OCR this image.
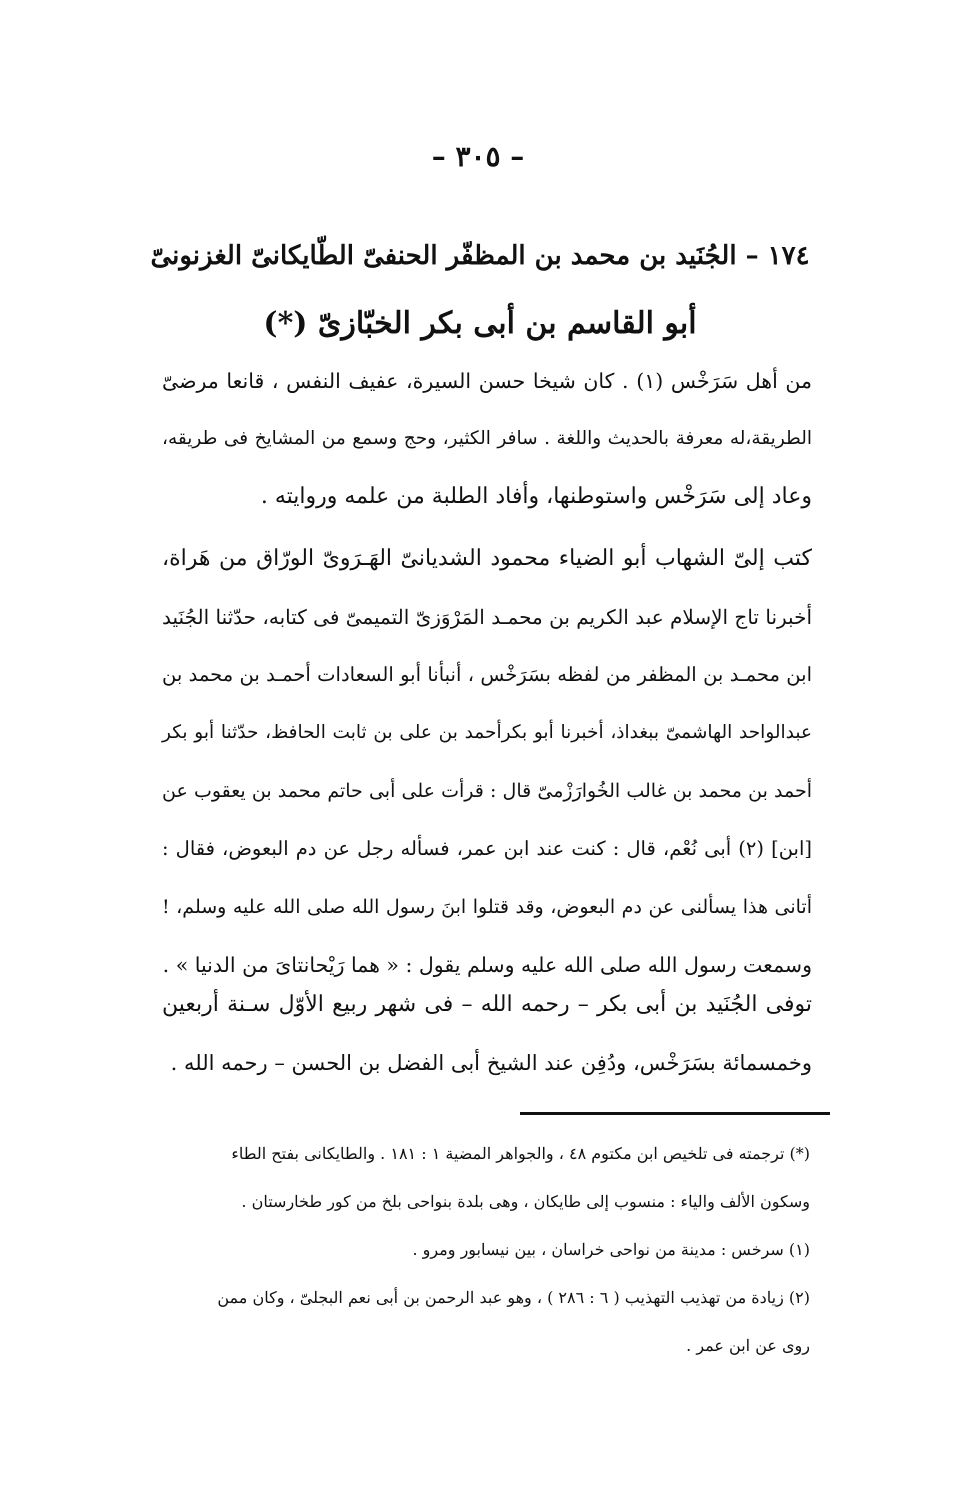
– ٣٠٥ –
١٧٤ – الجُنَيد بن محمد بن المظفّر الحنفىّ الطّايكانىّ الغزنونىّ
أبو القاسم بن أبى بكر الخبّازىّ (*)
من أهل سَرَخْس (١) . كان شيخا حسن السيرة، عفيف النفس ، قانعا مرضىّ
الطريقة،له معرفة بالحديث واللغة . سافر الكثير، وحج وسمع من المشايخ فى طريقه،
وعاد إلى سَرَخْس واستوطنها، وأفاد الطلبة من علمه وروايته .
كتب إلىّ الشهاب أبو الضياء محمود الشديانىّ الهَـرَوىّ الورّاق من هَراة،
أخبرنا تاج الإسلام عبد الكريم بن محمـد المَرْوَزىّ التميمىّ فى كتابه، حدّثنا الجُنَيد
ابن محمـد بن المظفر من لفظه بسَرَخْس ، أنبأنا أبو السعادات أحمـد بن محمد بن
عبدالواحد الهاشمىّ ببغداذ، أخبرنا أبو بكرأحمد بن على بن ثابت الحافظ، حدّثنا أبو بكر
أحمد بن محمد بن غالب الخُوارَزْمىّ قال : قرأت على أبى حاتم محمد بن يعقوب عن
[ابن] (٢) أبى نُعْم، قال : كنت عند ابن عمر، فسأله رجل عن دم البعوض، فقال :
أتانى هذا يسألنى عن دم البعوض، وقد قتلوا ابنَ رسول الله صلى الله عليه وسلم، !
وسمعت رسول الله صلى الله عليه وسلم يقول : « هما رَيْحانتاىَ من الدنيا » .
توفى الجُنَيد بن أبى بكر – رحمه الله – فى شهر ربيع الأوّل سـنة أربعين
وخمسمائة بسَرَخْس، ودُفِن عند الشيخ أبى الفضل بن الحسن – رحمه الله .
(*) ترجمته فى تلخيص ابن مكتوم ٤٨ ، والجواهر المضية ١ : ١٨١ . والطايكانى بفتح الطاء
وسكون الألف والياء : منسوب إلى طايكان ، وهى بلدة بنواحى بلخ من كور طخارستان .
(١) سرخس : مدينة من نواحى خراسان ، بين نيسابور ومرو .
(٢) زيادة من تهذيب التهذيب ( ٦ : ٢٨٦ ) ، وهو عبد الرحمن بن أبى نعم البجلىّ ، وكان ممن
روى عن ابن عمر .
